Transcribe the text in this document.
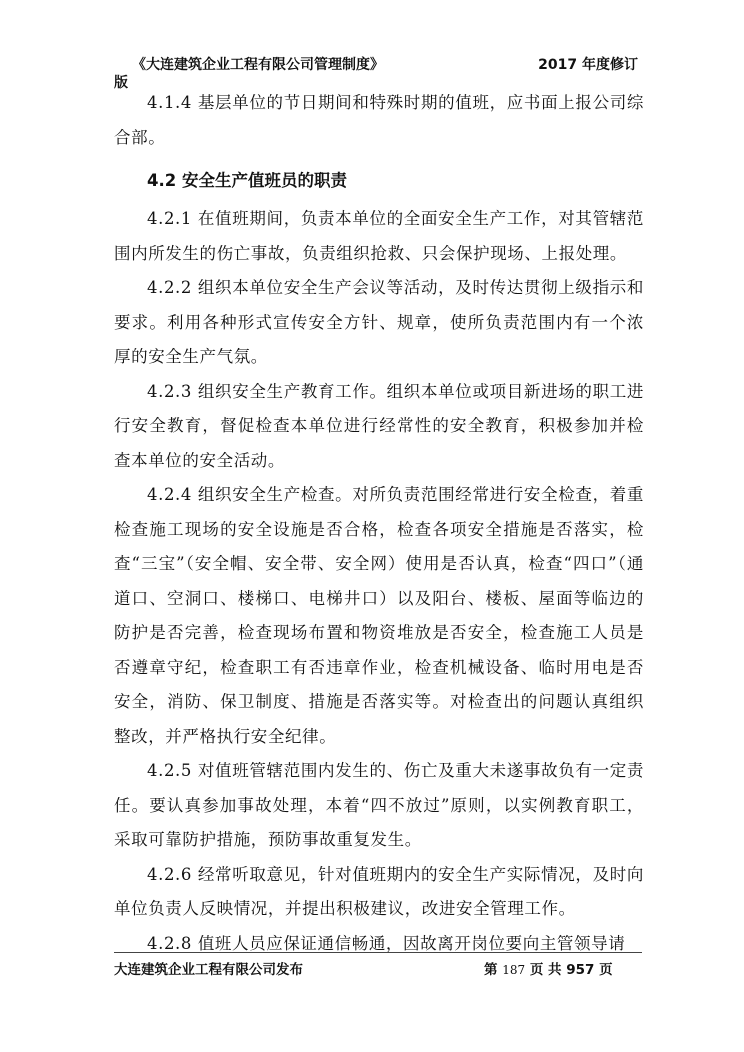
《大连建筑企业工程有限公司管理制度》	2017 年度修订
版

4.1.4 基层单位的节日期间和特殊时期的值班，应书面上报公司综合部。

4.2 安全生产值班员的职责

4.2.1 在值班期间，负责本单位的全面安全生产工作，对其管辖范围内所发生的伤亡事故，负责组织抢救、只会保护现场、上报处理。

4.2.2 组织本单位安全生产会议等活动，及时传达贯彻上级指示和要求。利用各种形式宣传安全方针、规章，使所负责范围内有一个浓厚的安全生产气氛。

4.2.3 组织安全生产教育工作。组织本单位或项目新进场的职工进行安全教育，督促检查本单位进行经常性的安全教育，积极参加并检查本单位的安全活动。

4.2.4 组织安全生产检查。对所负责范围经常进行安全检查，着重检查施工现场的安全设施是否合格，检查各项安全措施是否落实，检查“三宝”（安全帽、安全带、安全网）使用是否认真，检查“四口”（通道口、空洞口、楼梯口、电梯井口）以及阳台、楼板、屋面等临边的防护是否完善，检查现场布置和物资堆放是否安全，检查施工人员是否遵章守纪，检查职工有否违章作业，检查机械设备、临时用电是否安全，消防、保卫制度、措施是否落实等。对检查出的问题认真组织整改，并严格执行安全纪律。

4.2.5 对值班管辖范围内发生的、伤亡及重大未遂事故负有一定责任。要认真参加事故处理，本着“四不放过”原则，以实例教育职工，采取可靠防护措施，预防事故重复发生。

4.2.6 经常听取意见，针对值班期内的安全生产实际情况，及时向单位负责人反映情况，并提出积极建议，改进安全管理工作。

4.2.8 值班人员应保证通信畅通，因故离开岗位要向主管领导请

大连建筑企业工程有限公司发布	第 187 页 共 957 页
